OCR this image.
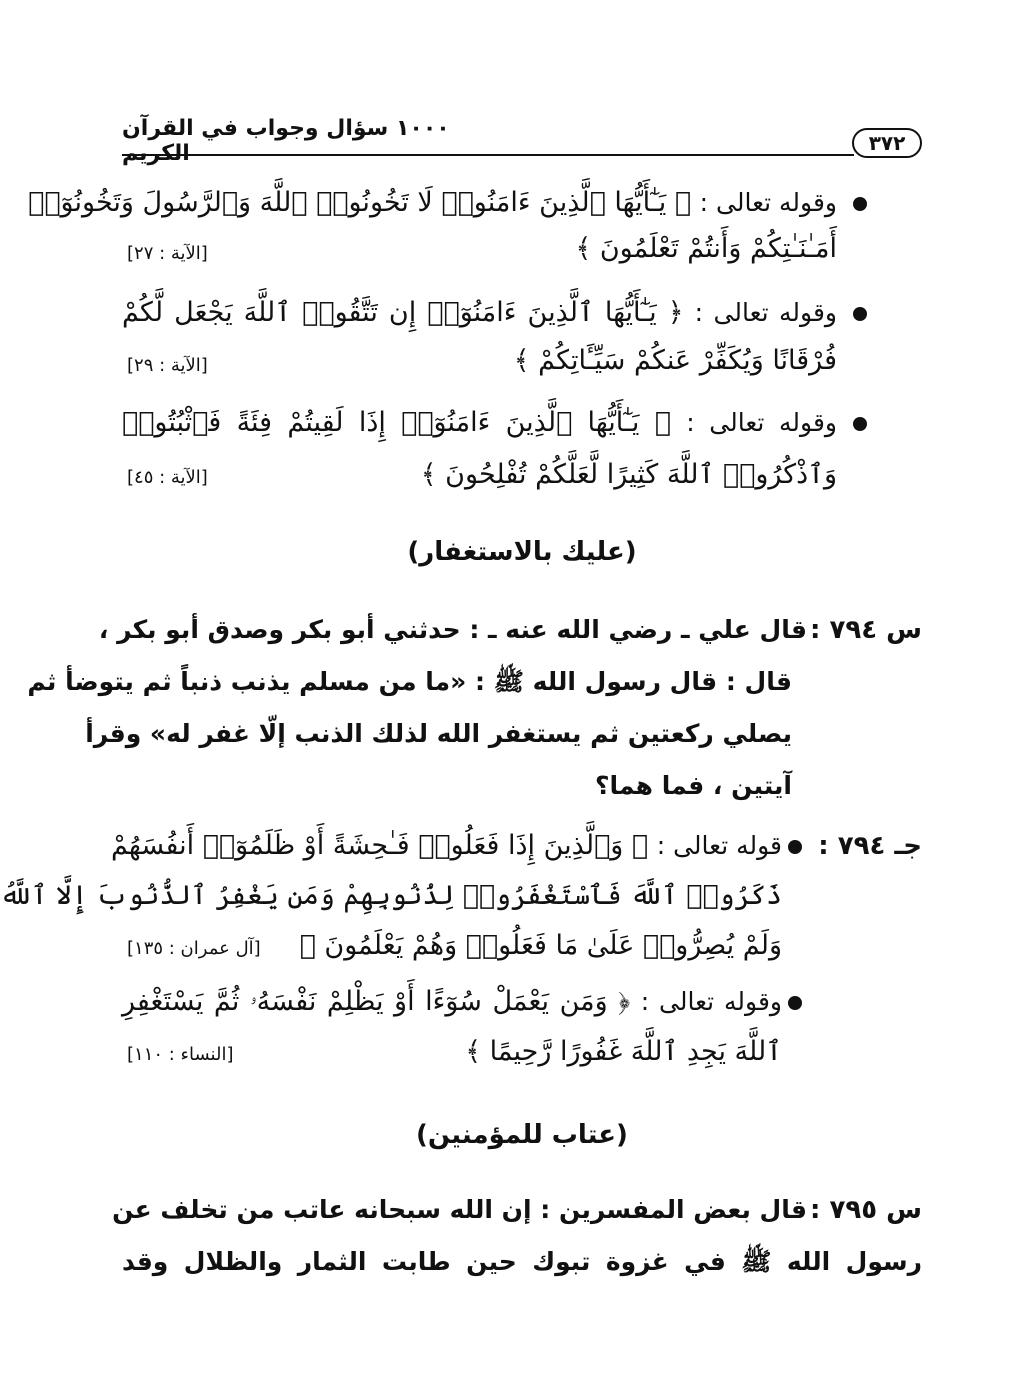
١٠٠٠ سؤال وجواب في القرآن الكريم	٣٧٢
وقوله تعالى : ﴿ يَـٰٓأَيُّهَا ٱلَّذِينَ ءَامَنُوا۟ لَا تَخُونُوا۟ ٱللَّهَ وَٱلرَّسُولَ وَتَخُونُوٓا۟
أَمَـٰنَـٰتِكُمْ وَأَنتُمْ تَعْلَمُونَ ﴾
[الآية : ٢٧]
وقوله تعالى : ﴿ يَـٰٓأَيُّهَا ٱلَّذِينَ ءَامَنُوٓا۟ إِن تَتَّقُوا۟ ٱللَّهَ يَجْعَل لَّكُمْ
فُرْقَانًا وَيُكَفِّرْ عَنكُمْ سَيِّـَٔاتِكُمْ ﴾
[الآية : ٢٩]
وقوله تعالى : ﴿ يَـٰٓأَيُّهَا ٱلَّذِينَ ءَامَنُوٓا۟ إِذَا لَقِيتُمْ فِئَةً فَٱثْبُتُوا۟
وَٱذْكُرُوا۟ ٱللَّهَ كَثِيرًا لَّعَلَّكُمْ تُفْلِحُونَ ﴾
[الآية : ٤٥]
(عليك بالاستغفار)
س ٧٩٤ :
قال علي ـ رضي الله عنه ـ : حدثني أبو بكر وصدق أبو بكر ،
قال : قال رسول الله ﷺ : «ما من مسلم يذنب ذنباً ثم يتوضأ ثم
يصلي ركعتين ثم يستغفر الله لذلك الذنب إلّا غفر له» وقرأ
آيتين ، فما هما؟
جـ ٧٩٤ :
قوله تعالى : ﴿ وَٱلَّذِينَ إِذَا فَعَلُوا۟ فَـٰحِشَةً أَوْ ظَلَمُوٓا۟ أَنفُسَهُمْ
ذَكَرُوا۟ ٱللَّهَ فَٱسْتَغْفَرُوا۟ لِذُنُوبِهِمْ وَمَن يَغْفِرُ ٱلذُّنُوبَ إِلَّا ٱللَّهُ
وَلَمْ يُصِرُّوا۟ عَلَىٰ مَا فَعَلُوا۟ وَهُمْ يَعْلَمُونَ ﴾
[آل عمران : ١٣٥]
وقوله تعالى : ﴿ وَمَن يَعْمَلْ سُوٓءًا أَوْ يَظْلِمْ نَفْسَهُۥ ثُمَّ يَسْتَغْفِرِ
ٱللَّهَ يَجِدِ ٱللَّهَ غَفُورًا رَّحِيمًا ﴾
[النساء : ١١٠]
(عتاب للمؤمنين)
س ٧٩٥ :
قال بعض المفسرين : إن الله سبحانه عاتب من تخلف عن
رسول الله ﷺ في غزوة تبوك حين طابت الثمار والظلال وقد
